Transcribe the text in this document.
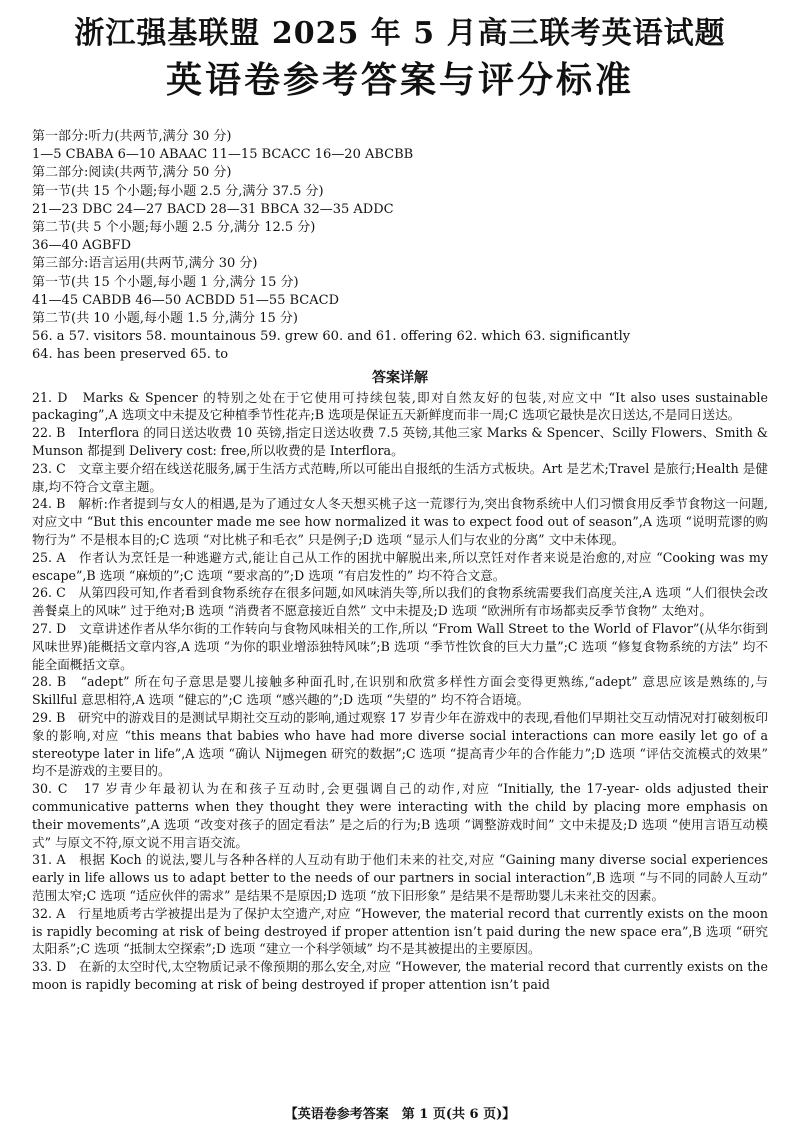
浙江强基联盟 2025 年 5 月高三联考英语试题
英语卷参考答案与评分标准
第一部分:听力(共两节,满分 30 分)
1—5 CBABA 6—10 ABAAC 11—15 BCACC 16—20 ABCBB
第二部分:阅读(共两节,满分 50 分)
第一节(共 15 个小题;每小题 2.5 分,满分 37.5 分)
21—23 DBC 24—27 BACD 28—31 BBCA 32—35 ADDC
第二节(共 5 个小题;每小题 2.5 分,满分 12.5 分)
36—40 AGBFD
第三部分:语言运用(共两节,满分 30 分)
第一节(共 15 个小题,每小题 1 分,满分 15 分)
41—45 CABDB 46—50 ACBDD 51—55 BCACD
第二节(共 10 小题,每小题 1.5 分,满分 15 分)
56. a 57. visitors 58. mountainous 59. grew 60. and 61. offering 62. which 63. significantly
64. has been preserved 65. to
答案详解
21. D　Marks & Spencer 的特别之处在于它使用可持续包装,即对自然友好的包装,对应文中 “It also uses sustainable packaging”,A 选项文中未提及它种植季节性花卉;B 选项是保证五天新鲜度而非一周;C 选项它最快是次日送达,不是同日送达。
22. B　Interflora 的同日送达收费 10 英镑,指定日送达收费 7.5 英镑,其他三家 Marks & Spencer、Scilly Flowers、Smith & Munson 都提到 Delivery cost: free,所以收费的是 Interflora。
23. C　文章主要介绍在线送花服务,属于生活方式范畴,所以可能出自报纸的生活方式板块。Art 是艺术;Travel 是旅行;Health 是健康,均不符合文章主题。
24. B　解析:作者提到与女人的相遇,是为了通过女人冬天想买桃子这一荒谬行为,突出食物系统中人们习惯食用反季节食物这一问题,对应文中 “But this encounter made me see how normalized it was to expect food out of season”,A 选项 “说明荒谬的购物行为” 不是根本目的;C 选项 “对比桃子和毛衣” 只是例子;D 选项 “显示人们与农业的分离” 文中未体现。
25. A　作者认为烹饪是一种逃避方式,能让自己从工作的困扰中解脱出来,所以烹饪对作者来说是治愈的,对应 “Cooking was my escape”,B 选项 “麻烦的”;C 选项 “要求高的”;D 选项 “有启发性的” 均不符合文意。
26. C　从第四段可知,作者看到食物系统存在很多问题,如风味消失等,所以我们的食物系统需要我们高度关注,A 选项 “人们很快会改善餐桌上的风味” 过于绝对;B 选项 “消费者不愿意接近自然” 文中未提及;D 选项 “欧洲所有市场都卖反季节食物” 太绝对。
27. D　文章讲述作者从华尔街的工作转向与食物风味相关的工作,所以 “From Wall Street to the World of Flavor”(从华尔街到风味世界)能概括文章内容,A 选项 “为你的职业增添独特风味”;B 选项 “季节性饮食的巨大力量”;C 选项 “修复食物系统的方法” 均不能全面概括文章。
28. B　“adept” 所在句子意思是婴儿接触多种面孔时,在识别和欣赏多样性方面会变得更熟练,“adept” 意思应该是熟练的,与 Skillful 意思相符,A 选项 “健忘的”;C 选项 “感兴趣的”;D 选项 “失望的” 均不符合语境。
29. B　研究中的游戏目的是测试早期社交互动的影响,通过观察 17 岁青少年在游戏中的表现,看他们早期社交互动情况对打破刻板印象的影响,对应 “this means that babies who have had more diverse social interactions can more easily let go of a stereotype later in life”,A 选项 “确认 Nijmegen 研究的数据”;C 选项 “提高青少年的合作能力”;D 选项 “评估交流模式的效果” 均不是游戏的主要目的。
30. C　17 岁青少年最初认为在和孩子互动时,会更强调自己的动作,对应 “Initially, the 17-year- olds adjusted their communicative patterns when they thought they were interacting with the child by placing more emphasis on their movements”,A 选项 “改变对孩子的固定看法” 是之后的行为;B 选项 “调整游戏时间” 文中未提及;D 选项 “使用言语互动模式” 与原文不符,原文说不用言语交流。
31. A　根据 Koch 的说法,婴儿与各种各样的人互动有助于他们未来的社交,对应 “Gaining many diverse social experiences early in life allows us to adapt better to the needs of our partners in social interaction”,B 选项 “与不同的同龄人互动” 范围太窄;C 选项 “适应伙伴的需求” 是结果不是原因;D 选项 “放下旧形象” 是结果不是帮助婴儿未来社交的因素。
32. A　行星地质考古学被提出是为了保护太空遗产,对应 “However, the material record that currently exists on the moon is rapidly becoming at risk of being destroyed if proper attention isn’t paid during the new space era”,B 选项 “研究太阳系”;C 选项 “抵制太空探索”;D 选项 “建立一个科学领域” 均不是其被提出的主要原因。
33. D　在新的太空时代,太空物质记录不像预期的那么安全,对应 “However, the material record that currently exists on the moon is rapidly becoming at risk of being destroyed if proper attention isn’t paid
【英语卷参考答案　第 1 页(共 6 页)】
